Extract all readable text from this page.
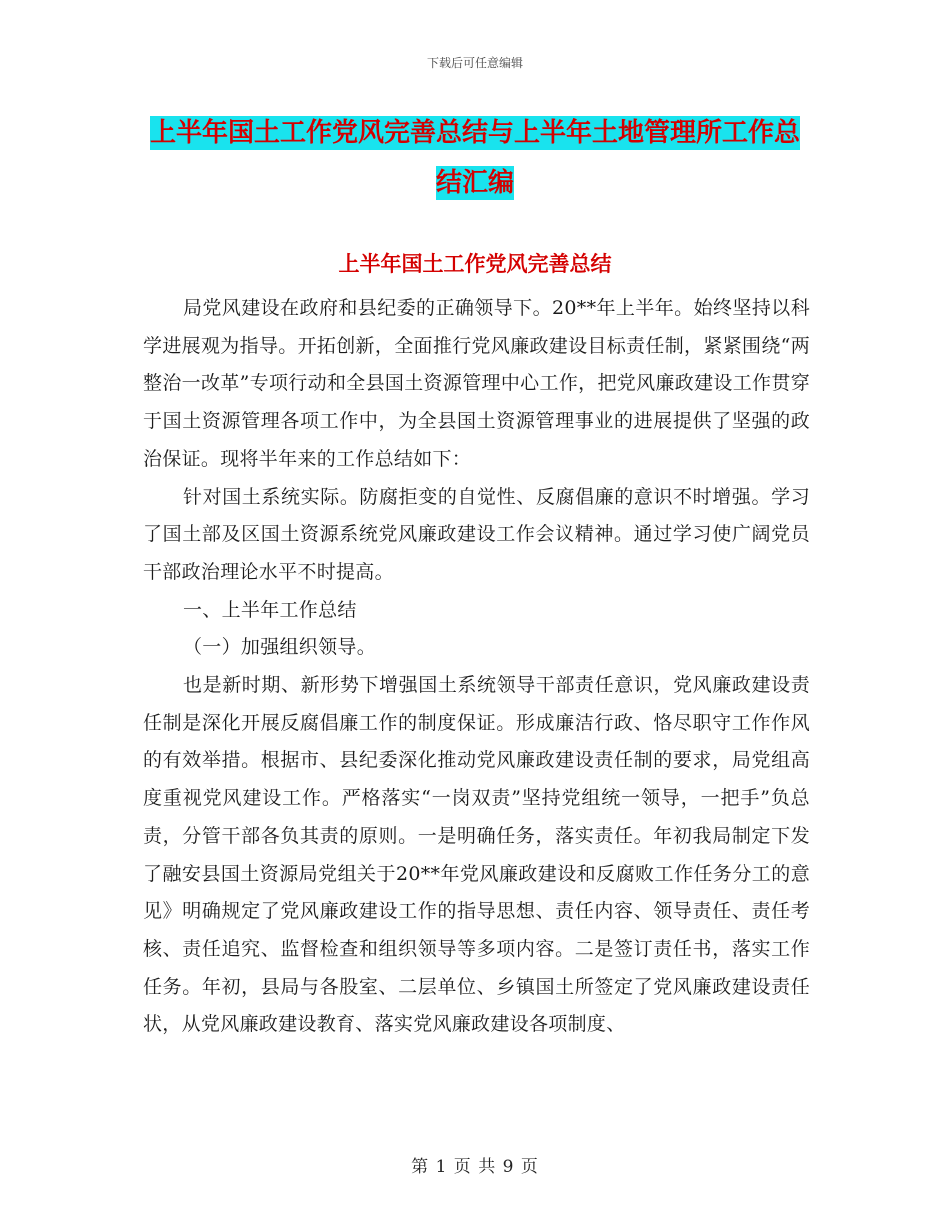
下载后可任意编辑
上半年国土工作党风完善总结与上半年土地管理所工作总结汇编
上半年国土工作党风完善总结

局党风建设在政府和县纪委的正确领导下。20**年上半年。始终坚持以科学进展观为指导。开拓创新，全面推行党风廉政建设目标责任制，紧紧围绕“两整治一改革”专项行动和全县国土资源管理中心工作，把党风廉政建设工作贯穿于国土资源管理各项工作中，为全县国土资源管理事业的进展提供了坚强的政治保证。现将半年来的工作总结如下：

针对国土系统实际。防腐拒变的自觉性、反腐倡廉的意识不时增强。学习了国土部及区国土资源系统党风廉政建设工作会议精神。通过学习使广阔党员干部政治理论水平不时提高。

一、上半年工作总结

（一）加强组织领导。

也是新时期、新形势下增强国土系统领导干部责任意识，党风廉政建设责任制是深化开展反腐倡廉工作的制度保证。形成廉洁行政、恪尽职守工作作风的有效举措。根据市、县纪委深化推动党风廉政建设责任制的要求，局党组高度重视党风建设工作。严格落实“一岗双责”坚持党组统一领导，一把手”负总责，分管干部各负其责的原则。一是明确任务，落实责任。年初我局制定下发了融安县国土资源局党组关于20**年党风廉政建设和反腐败工作任务分工的意见》明确规定了党风廉政建设工作的指导思想、责任内容、领导责任、责任考核、责任追究、监督检查和组织领导等多项内容。二是签订责任书，落实工作任务。年初，县局与各股室、二层单位、乡镇国土所签定了党风廉政建设责任状，从党风廉政建设教育、落实党风廉政建设各项制度、

第 1 页 共 9 页
